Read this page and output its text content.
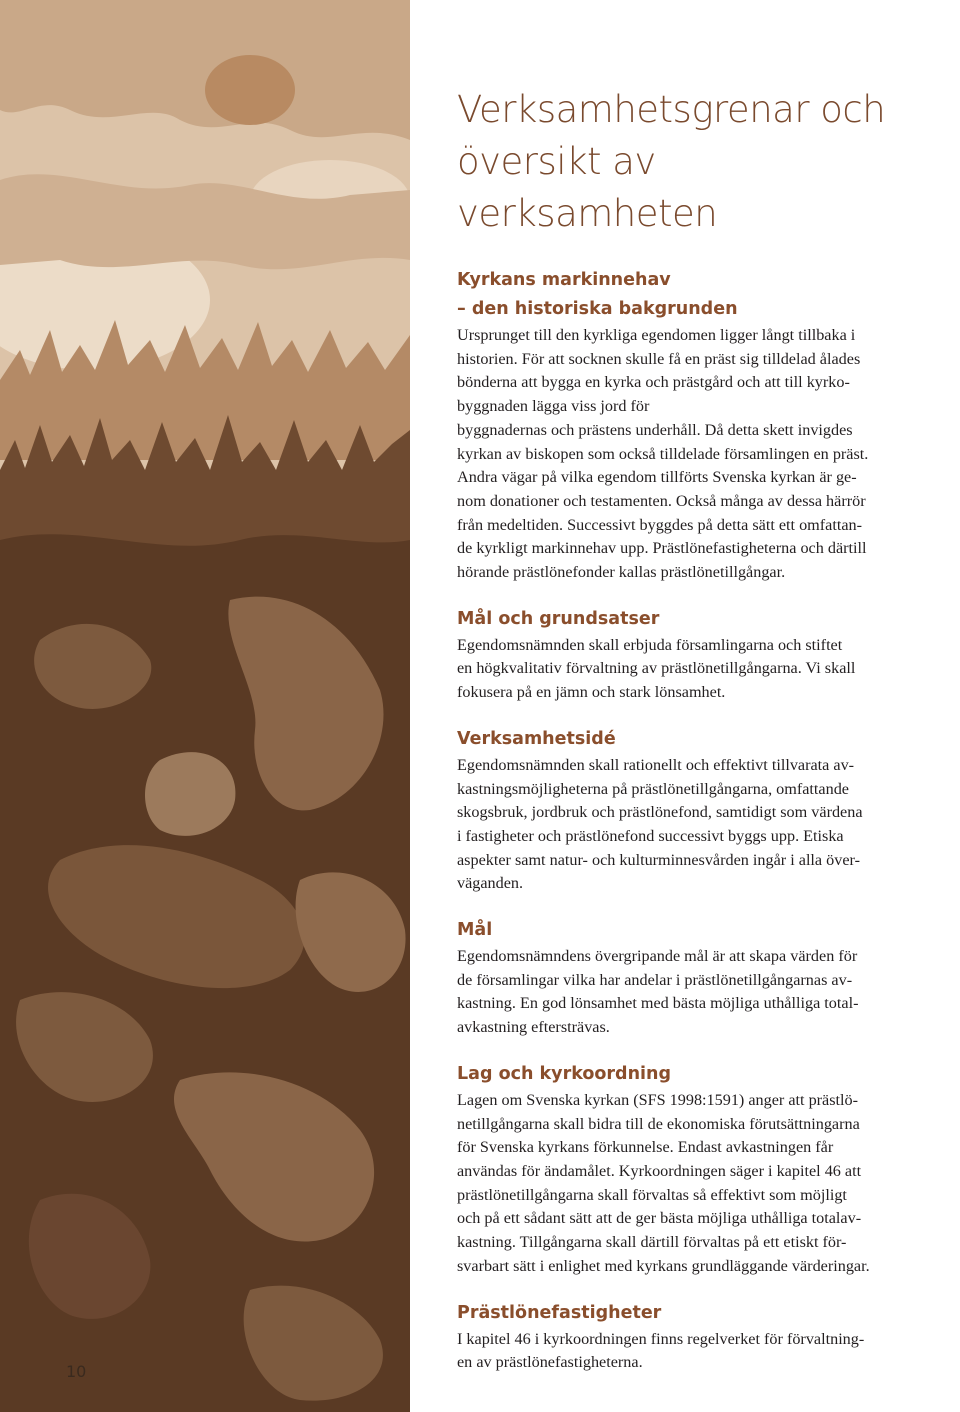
10
Verksamhetsgrenar och
översikt av verksamheten
Kyrkans markinnehav
– den historiska bakgrunden

Ursprunget till den kyrkliga egendomen ligger långt tillbaka i
historien. För att socknen skulle få en präst sig tilldelad ålades
bönderna att bygga en kyrka och prästgård och att till kyrko-
byggnaden lägga viss jord för
byggnadernas och prästens underhåll. Då detta skett invigdes
kyrkan av biskopen som också tilldelade församlingen en präst.
Andra vägar på vilka egendom tillförts Svenska kyrkan är ge-
nom donationer och testamenten. Också många av dessa härrör
från medeltiden. Successivt byggdes på detta sätt ett omfattan-
de kyrkligt markinnehav upp. Prästlönefastigheterna och därtill
hörande prästlönefonder kallas prästlönetillgångar.

Mål och grundsatser

Egendomsnämnden skall erbjuda församlingarna och stiftet
en högkvalitativ förvaltning av prästlönetillgångarna. Vi skall
fokusera på en jämn och stark lönsamhet.

Verksamhetsidé

Egendomsnämnden skall rationellt och effektivt tillvarata av-
kastningsmöjligheterna på prästlönetillgångarna, omfattande
skogsbruk, jordbruk och prästlönefond, samtidigt som värdena
i fastigheter och prästlönefond successivt byggs upp. Etiska
aspekter samt natur- och kulturminnesvården ingår i alla över-
väganden.

Mål

Egendomsnämndens övergripande mål är att skapa värden för
de församlingar vilka har andelar i prästlönetillgångarnas av-
kastning. En god lönsamhet med bästa möjliga uthålliga total-
avkastning eftersträvas.

Lag och kyrkoordning

Lagen om Svenska kyrkan (SFS 1998:1591) anger att prästlö-
netillgångarna skall bidra till de ekonomiska förutsättningarna
för Svenska kyrkans förkunnelse. Endast avkastningen får
användas för ändamålet. Kyrkoordningen säger i kapitel 46 att
prästlönetillgångarna skall förvaltas så effektivt som möjligt
och på ett sådant sätt att de ger bästa möjliga uthålliga totalav-
kastning. Tillgångarna skall därtill förvaltas på ett etiskt för-
svarbart sätt i enlighet med kyrkans grundläggande värderingar.

Prästlönefastigheter

I kapitel 46 i kyrkoordningen finns regelverket för förvaltning-
en av prästlönefastigheterna.
